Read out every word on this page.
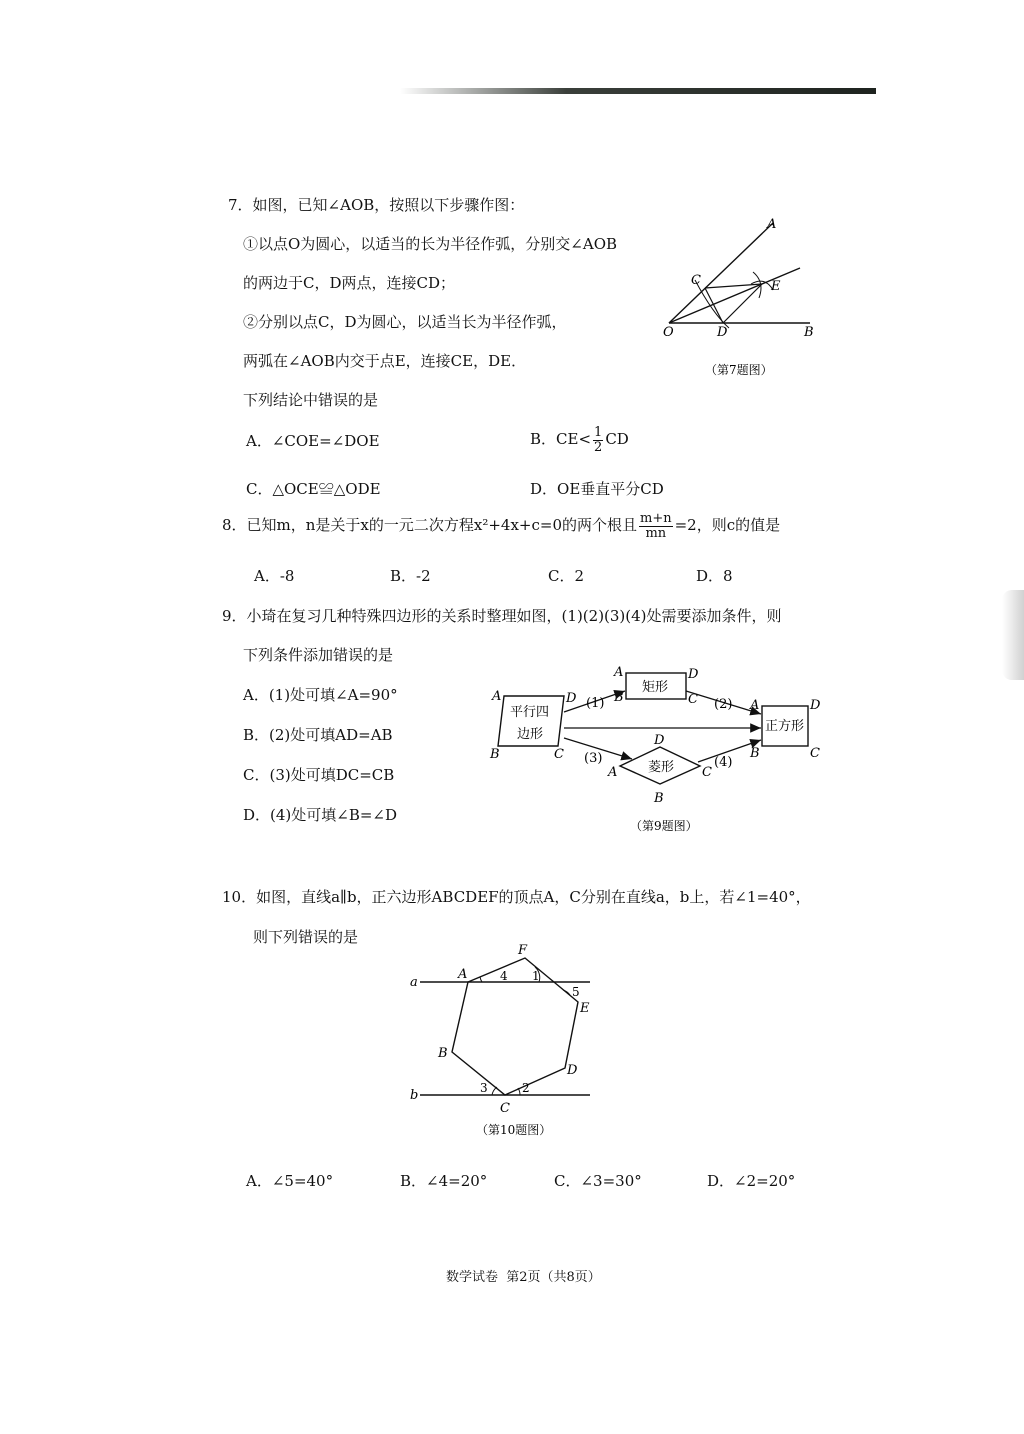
7．如图，已知∠AOB，按照以下步骤作图：
①以点O为圆心，以适当的长为半径作弧，分别交∠AOB
的两边于C，D两点，连接CD；
②分别以点C，D为圆心，以适当长为半径作弧，
两弧在∠AOB内交于点E，连接CE，DE．
下列结论中错误的是
A．∠COE=∠DOE	B．$CE< \frac{1}{2}$ CD
C．△OCE≌△ODE	D．OE垂直平分CD
A
C	E
O	D	B
（第7题图）
8．已知m，n是关于x的一元二次方程x²+4x+c=0的两个根且 $\frac{m+n}{mn} =2$，则c的值是
A．-8	B．-2	C．2	D．8
9．小琦在复习几种特殊四边形的关系时整理如图，(1)(2)(3)(4)处需要添加条件，则
下列条件添加错误的是
A．(1)处可填∠A=90°
B．(2)处可填AD=AB
C．(3)处可填DC=CB
D．(4)处可填∠B=∠D
平行四
边形
A	D
B	C
矩形
A	D
B	C
菱形
D
A	C
B
正方形
A	D
B	C
(1)	(2)
(3)	(4)
（第9题图）
10．如图，直线a∥b，正六边形ABCDEF的顶点A，C分别在直线a，b上，若∠1=40°，
则下列错误的是
a
b
A
F
E
D
C
B
4 1
5
3	2
（第10题图）
A．∠5=40°	B．∠4=20°	C．∠3=30°	D．∠2=20°
数学试卷  第2页（共8页）
